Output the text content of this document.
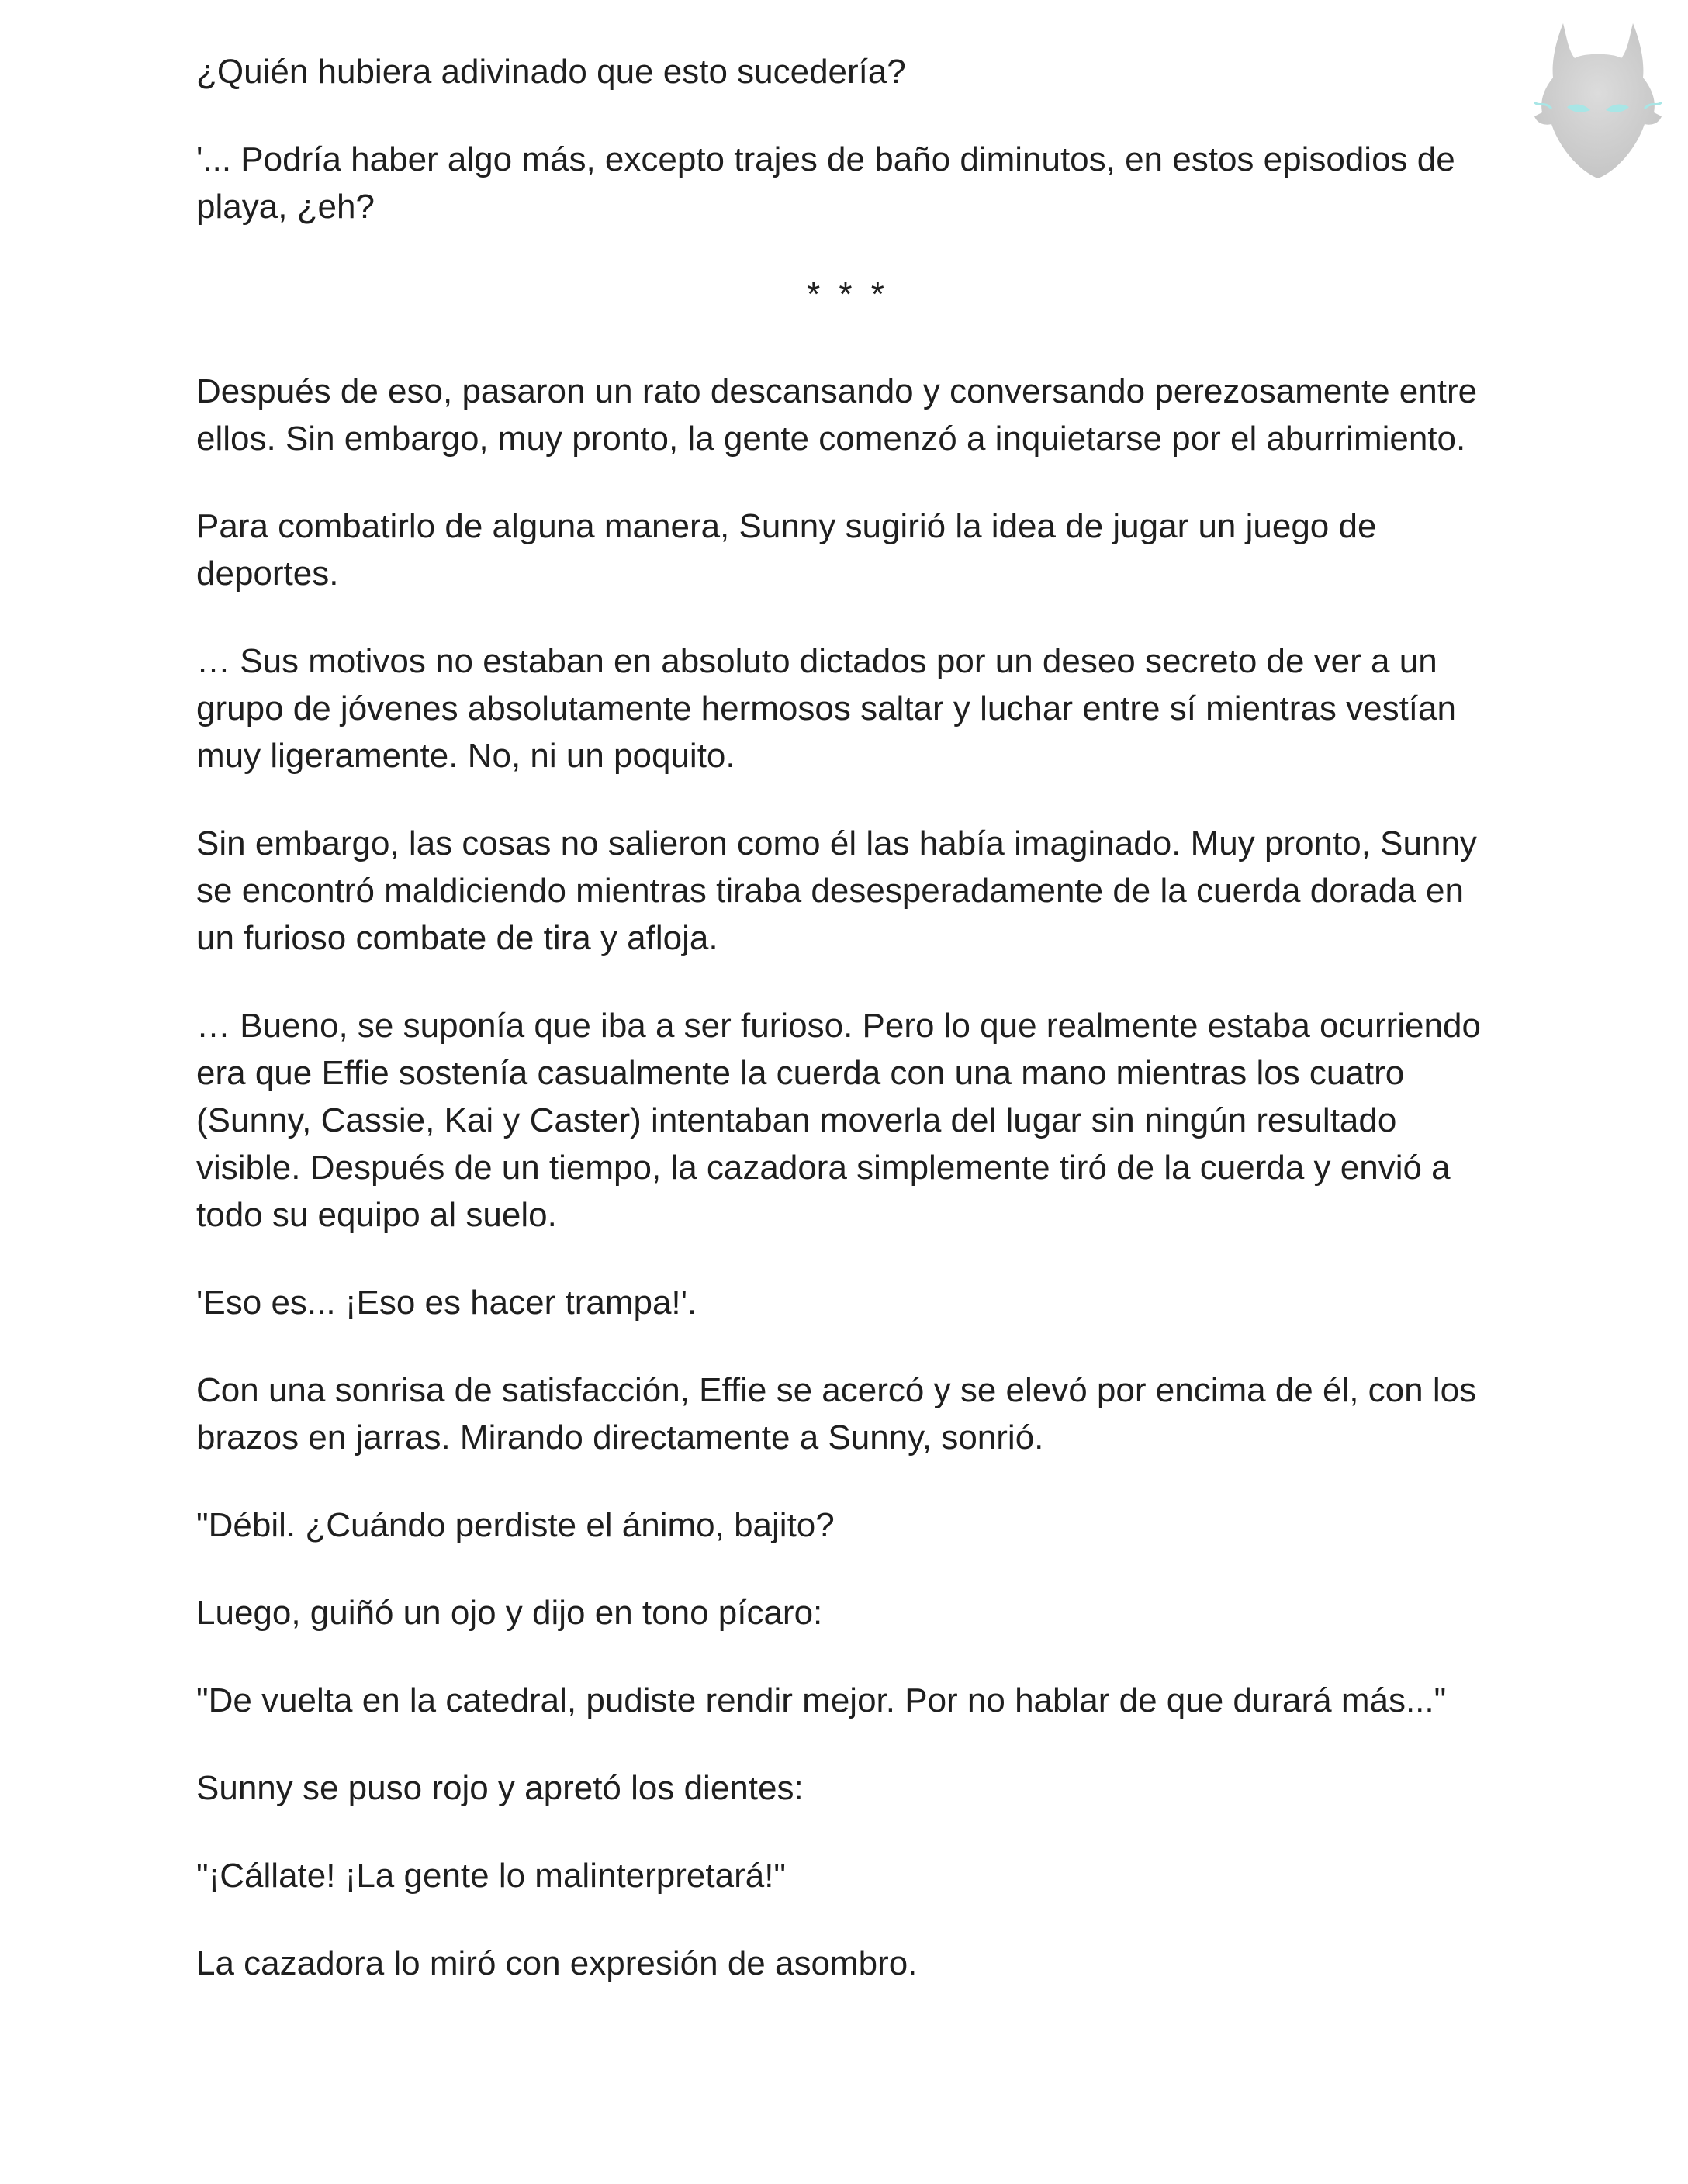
¿Quién hubiera adivinado que esto sucedería?

'... Podría haber algo más, excepto trajes de baño diminutos, en estos episodios de playa, ¿eh?

* * *

Después de eso, pasaron un rato descansando y conversando perezosamente entre ellos. Sin embargo, muy pronto, la gente comenzó a inquietarse por el aburrimiento.

Para combatirlo de alguna manera, Sunny sugirió la idea de jugar un juego de deportes.

… Sus motivos no estaban en absoluto dictados por un deseo secreto de ver a un grupo de jóvenes absolutamente hermosos saltar y luchar entre sí mientras vestían muy ligeramente. No, ni un poquito.

Sin embargo, las cosas no salieron como él las había imaginado. Muy pronto, Sunny se encontró maldiciendo mientras tiraba desesperadamente de la cuerda dorada en un furioso combate de tira y afloja.

… Bueno, se suponía que iba a ser furioso. Pero lo que realmente estaba ocurriendo era que Effie sostenía casualmente la cuerda con una mano mientras los cuatro (Sunny, Cassie, Kai y Caster) intentaban moverla del lugar sin ningún resultado visible. Después de un tiempo, la cazadora simplemente tiró de la cuerda y envió a todo su equipo al suelo.

'Eso es... ¡Eso es hacer trampa!'.

Con una sonrisa de satisfacción, Effie se acercó y se elevó por encima de él, con los brazos en jarras. Mirando directamente a Sunny, sonrió.

"Débil. ¿Cuándo perdiste el ánimo, bajito?

Luego, guiñó un ojo y dijo en tono pícaro:

"De vuelta en la catedral, pudiste rendir mejor. Por no hablar de que durará más..."

Sunny se puso rojo y apretó los dientes:

"¡Cállate! ¡La gente lo malinterpretará!"

La cazadora lo miró con expresión de asombro.
